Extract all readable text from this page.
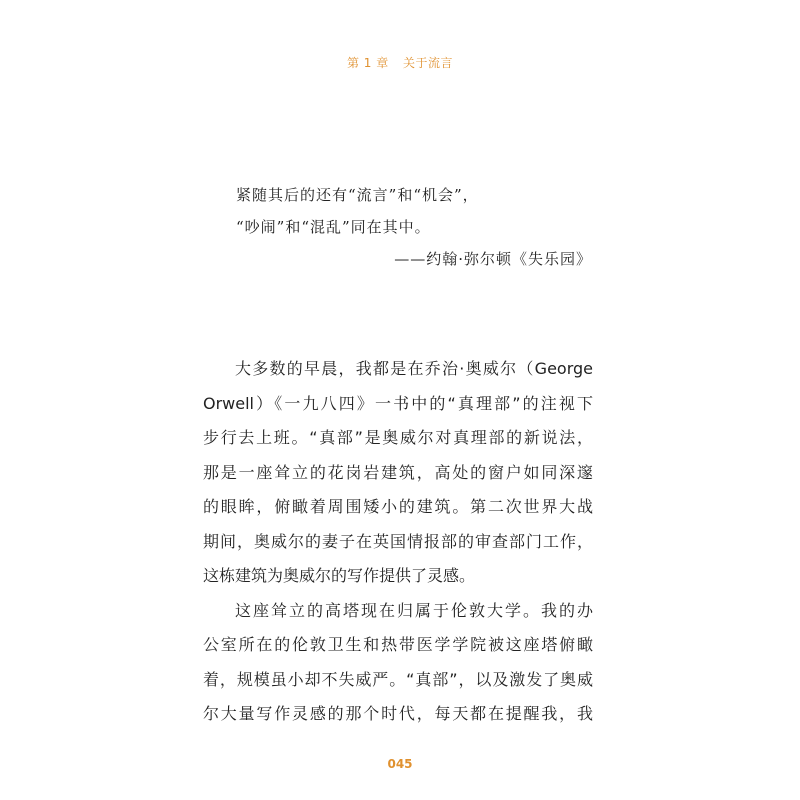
第 1 章 关于流言
紧随其后的还有“流言”和“机会”，
“吵闹”和“混乱”同在其中。
——约翰·弥尔顿《失乐园》
大多数的早晨，我都是在乔治·奥威尔（George
Orwell）《一九八四》一书中的“真理部”的注视下
步行去上班。“真部”是奥威尔对真理部的新说法，
那是一座耸立的花岗岩建筑，高处的窗户如同深邃
的眼眸，俯瞰着周围矮小的建筑。第二次世界大战
期间，奥威尔的妻子在英国情报部的审查部门工作，
这栋建筑为奥威尔的写作提供了灵感。
这座耸立的高塔现在归属于伦敦大学。我的办
公室所在的伦敦卫生和热带医学学院被这座塔俯瞰
着，规模虽小却不失威严。“真部”，以及激发了奥威
尔大量写作灵感的那个时代，每天都在提醒我，我
045
